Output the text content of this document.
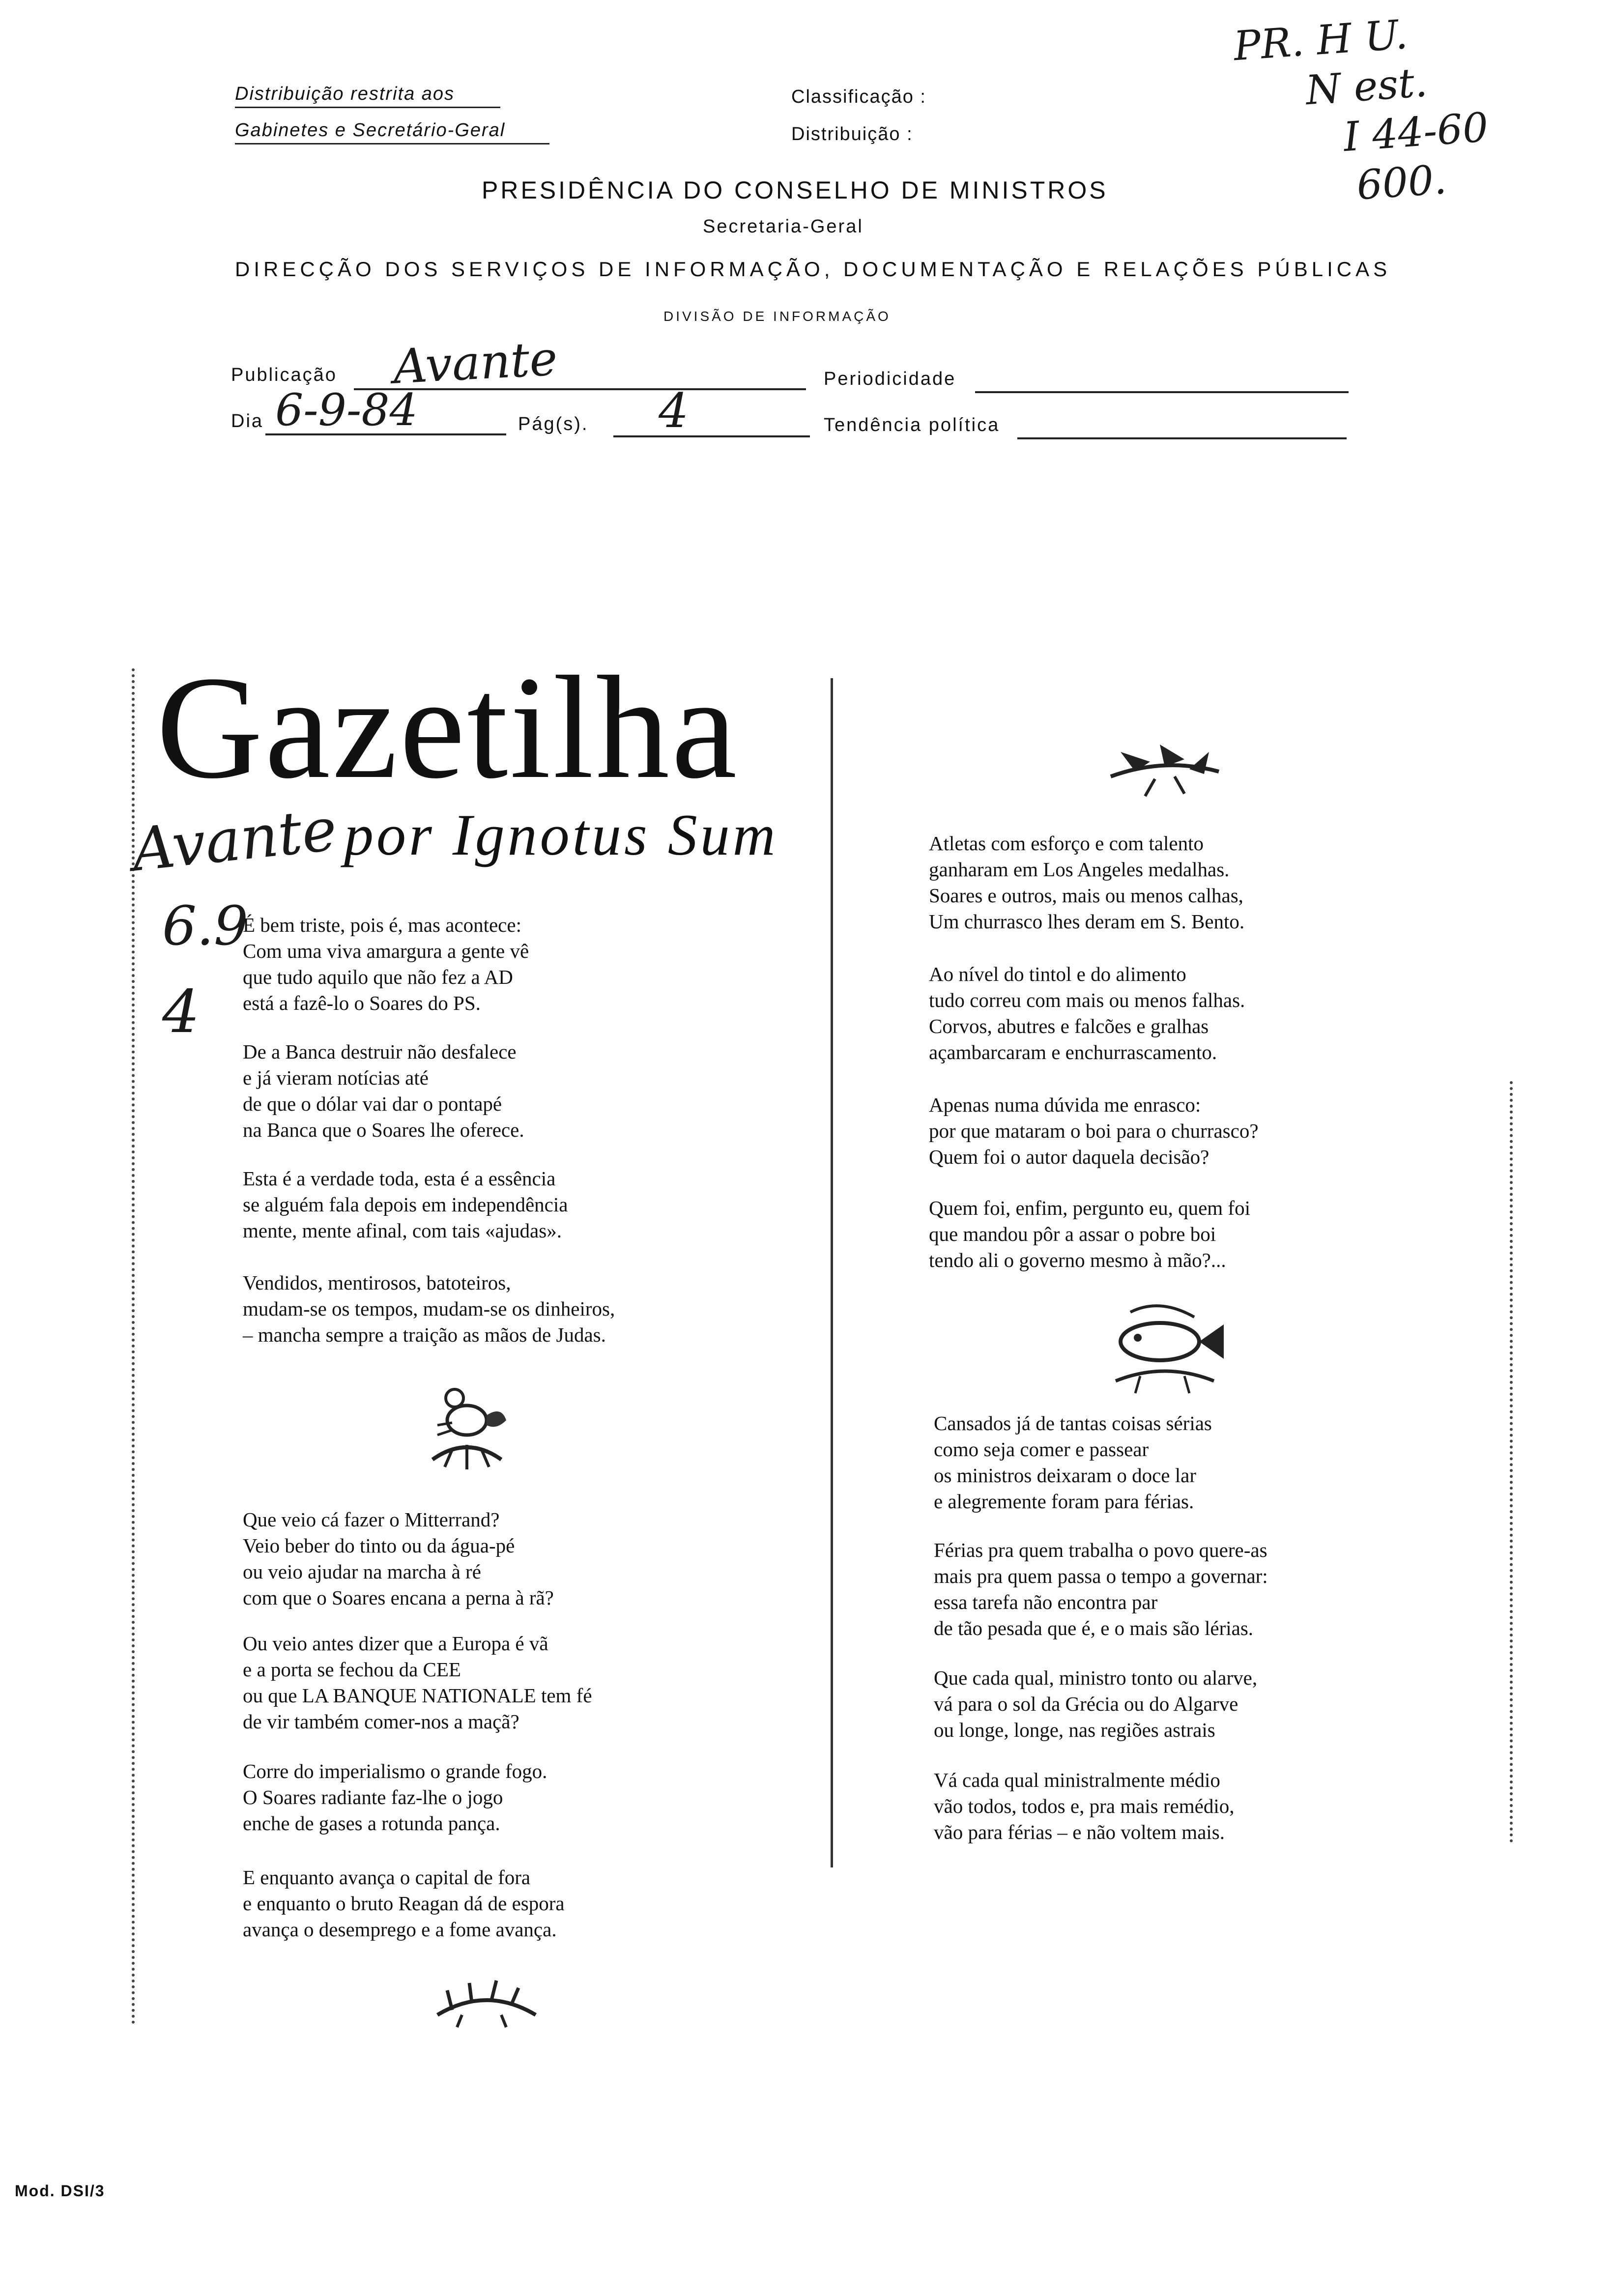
PR. H U.
N est.
I 44-60
600.
Distribuição restrita aos
Gabinetes e Secretário-Geral
Classificação :
Distribuição :
PRESIDÊNCIA DO CONSELHO DE MINISTROS
Secretaria-Geral
DIRECÇÃO DOS SERVIÇOS DE INFORMAÇÃO, DOCUMENTAÇÃO E RELAÇÕES PÚBLICAS
DIVISÃO DE INFORMAÇÃO
Publicação Avante	Periodicidade
Dia 6-9-84	Pág(s). 4	Tendência política
Gazetilha
Avante por Ignotus Sum
6.9
4
É bem triste, pois é, mas acontece:
Com uma viva amargura a gente vê
que tudo aquilo que não fez a AD
está a fazê-lo o Soares do PS.
De a Banca destruir não desfalece
e já vieram notícias até
de que o dólar vai dar o pontapé
na Banca que o Soares lhe oferece.
Esta é a verdade toda, esta é a essência
se alguém fala depois em independência
mente, mente afinal, com tais «ajudas».
Vendidos, mentirosos, batoteiros,
mudam-se os tempos, mudam-se os dinheiros,
– mancha sempre a traição as mãos de Judas.
Que veio cá fazer o Mitterrand?
Veio beber do tinto ou da água-pé
ou veio ajudar na marcha à ré
com que o Soares encana a perna à rã?
Ou veio antes dizer que a Europa é vã
e a porta se fechou da CEE
ou que LA BANQUE NATIONALE tem fé
de vir também comer-nos a maçã?
Corre do imperialismo o grande fogo.
O Soares radiante faz-lhe o jogo
enche de gases a rotunda pança.
E enquanto avança o capital de fora
e enquanto o bruto Reagan dá de espora
avança o desemprego e a fome avança.
Atletas com esforço e com talento
ganharam em Los Angeles medalhas.
Soares e outros, mais ou menos calhas,
Um churrasco lhes deram em S. Bento.
Ao nível do tintol e do alimento
tudo correu com mais ou menos falhas.
Corvos, abutres e falcões e gralhas
açambarcaram e enchurrascamento.
Apenas numa dúvida me enrasco:
por que mataram o boi para o churrasco?
Quem foi o autor daquela decisão?
Quem foi, enfim, pergunto eu, quem foi
que mandou pôr a assar o pobre boi
tendo ali o governo mesmo à mão?...
Cansados já de tantas coisas sérias
como seja comer e passear
os ministros deixaram o doce lar
e alegremente foram para férias.
Férias pra quem trabalha o povo quere-as
mais pra quem passa o tempo a governar:
essa tarefa não encontra par
de tão pesada que é, e o mais são lérias.
Que cada qual, ministro tonto ou alarve,
vá para o sol da Grécia ou do Algarve
ou longe, longe, nas regiões astrais
Vá cada qual ministralmente médio
vão todos, todos e, pra mais remédio,
vão para férias – e não voltem mais.
Mod. DSI/3
